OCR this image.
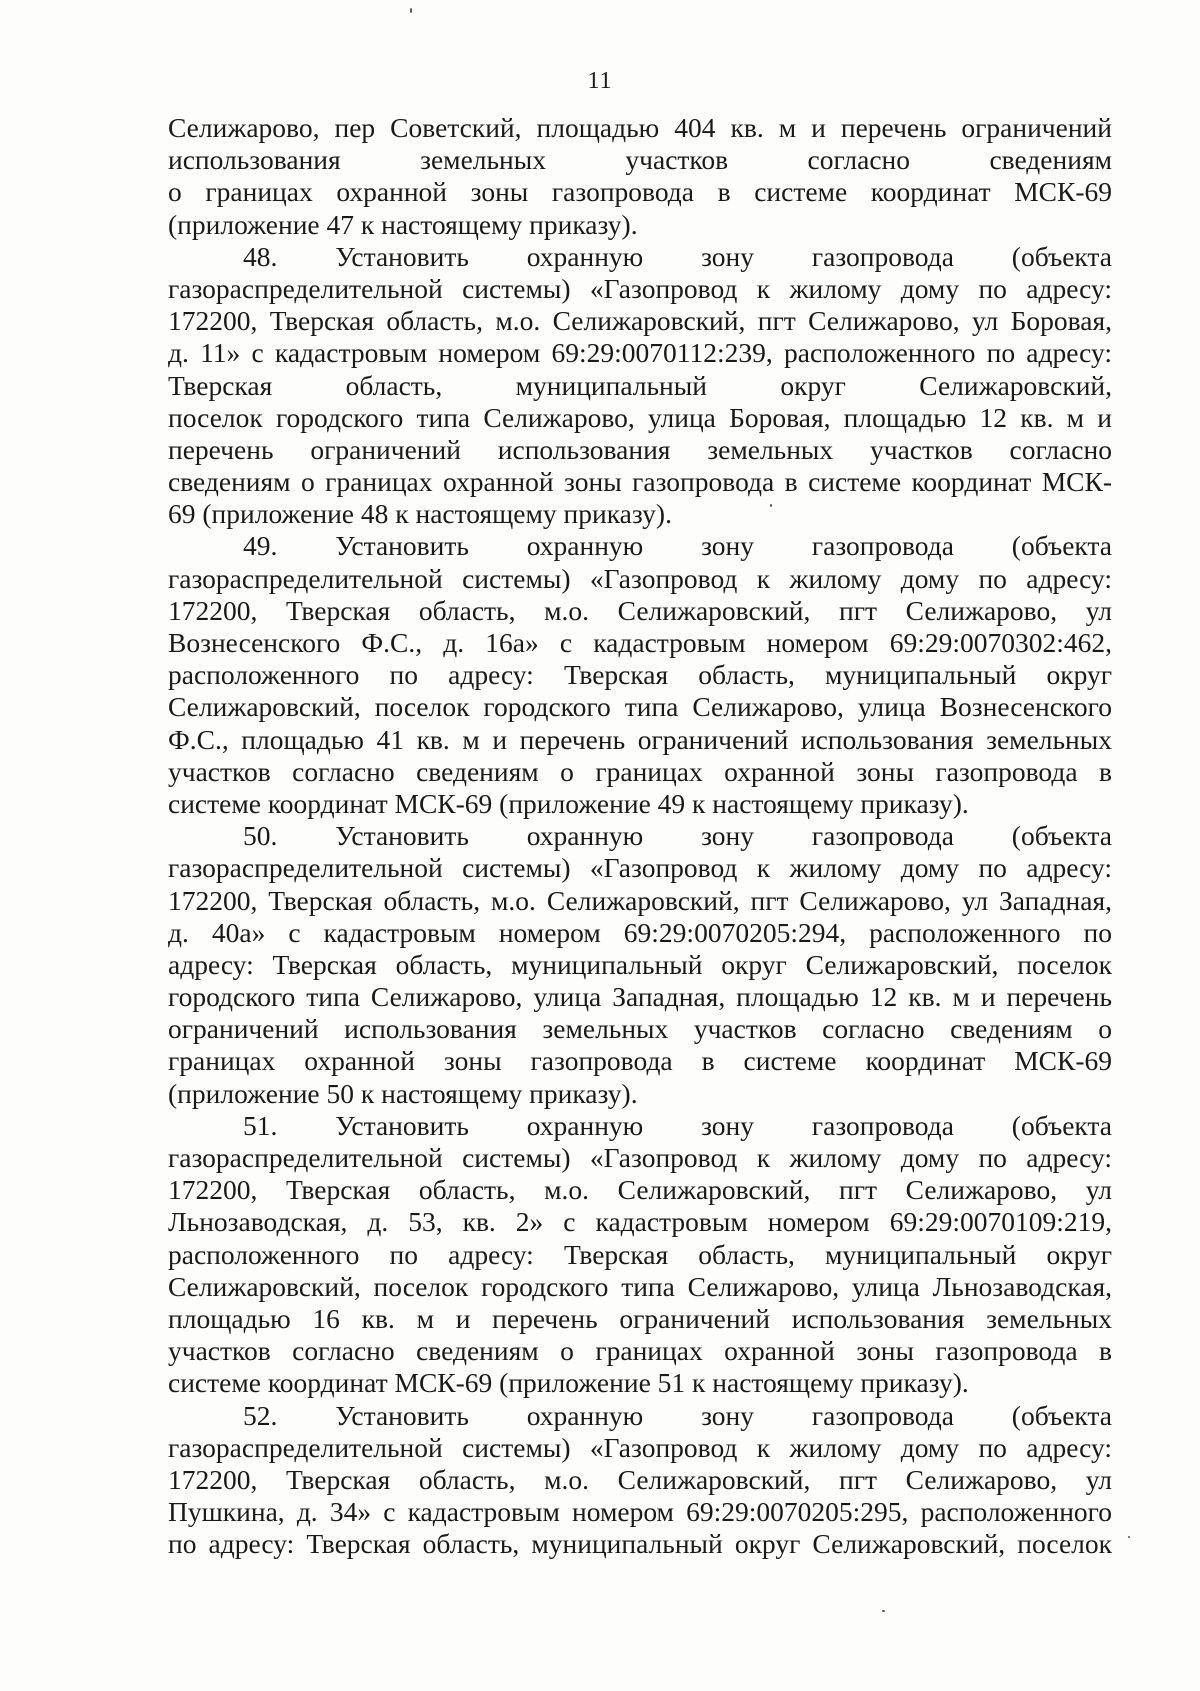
11
Селижарово, пер Советский, площадью 404 кв. м и перечень ограничений
использования земельных участков согласно сведениям
о границах охранной зоны газопровода в системе координат МСК-69
(приложение 47 к настоящему приказу).
48. Установить охранную зону газопровода (объекта
газораспределительной системы) «Газопровод к жилому дому по адресу:
172200, Тверская область, м.о. Селижаровский, пгт Селижарово, ул Боровая,
д. 11» с кадастровым номером 69:29:0070112:239, расположенного по адресу:
Тверская область, муниципальный округ Селижаровский,
поселок городского типа Селижарово, улица Боровая, площадью 12 кв. м и
перечень ограничений использования земельных участков согласно
сведениям о границах охранной зоны газопровода в системе координат МСК-
69 (приложение 48 к настоящему приказу).
49. Установить охранную зону газопровода (объекта
газораспределительной системы) «Газопровод к жилому дому по адресу:
172200, Тверская область, м.о. Селижаровский, пгт Селижарово, ул
Вознесенского Ф.С., д. 16а» с кадастровым номером 69:29:0070302:462,
расположенного по адресу: Тверская область, муниципальный округ
Селижаровский, поселок городского типа Селижарово, улица Вознесенского
Ф.С., площадью 41 кв. м и перечень ограничений использования земельных
участков согласно сведениям о границах охранной зоны газопровода в
системе координат МСК-69 (приложение 49 к настоящему приказу).
50. Установить охранную зону газопровода (объекта
газораспределительной системы) «Газопровод к жилому дому по адресу:
172200, Тверская область, м.о. Селижаровский, пгт Селижарово, ул Западная,
д. 40а» с кадастровым номером 69:29:0070205:294, расположенного по
адресу: Тверская область, муниципальный округ Селижаровский, поселок
городского типа Селижарово, улица Западная, площадью 12 кв. м и перечень
ограничений использования земельных участков согласно сведениям о
границах охранной зоны газопровода в системе координат МСК-69
(приложение 50 к настоящему приказу).
51. Установить охранную зону газопровода (объекта
газораспределительной системы) «Газопровод к жилому дому по адресу:
172200, Тверская область, м.о. Селижаровский, пгт Селижарово, ул
Льнозаводская, д. 53, кв. 2» с кадастровым номером 69:29:0070109:219,
расположенного по адресу: Тверская область, муниципальный округ
Селижаровский, поселок городского типа Селижарово, улица Льнозаводская,
площадью 16 кв. м и перечень ограничений использования земельных
участков согласно сведениям о границах охранной зоны газопровода в
системе координат МСК-69 (приложение 51 к настоящему приказу).
52. Установить охранную зону газопровода (объекта
газораспределительной системы) «Газопровод к жилому дому по адресу:
172200, Тверская область, м.о. Селижаровский, пгт Селижарово, ул
Пушкина, д. 34» с кадастровым номером 69:29:0070205:295, расположенного
по адресу: Тверская область, муниципальный округ Селижаровский, поселок
